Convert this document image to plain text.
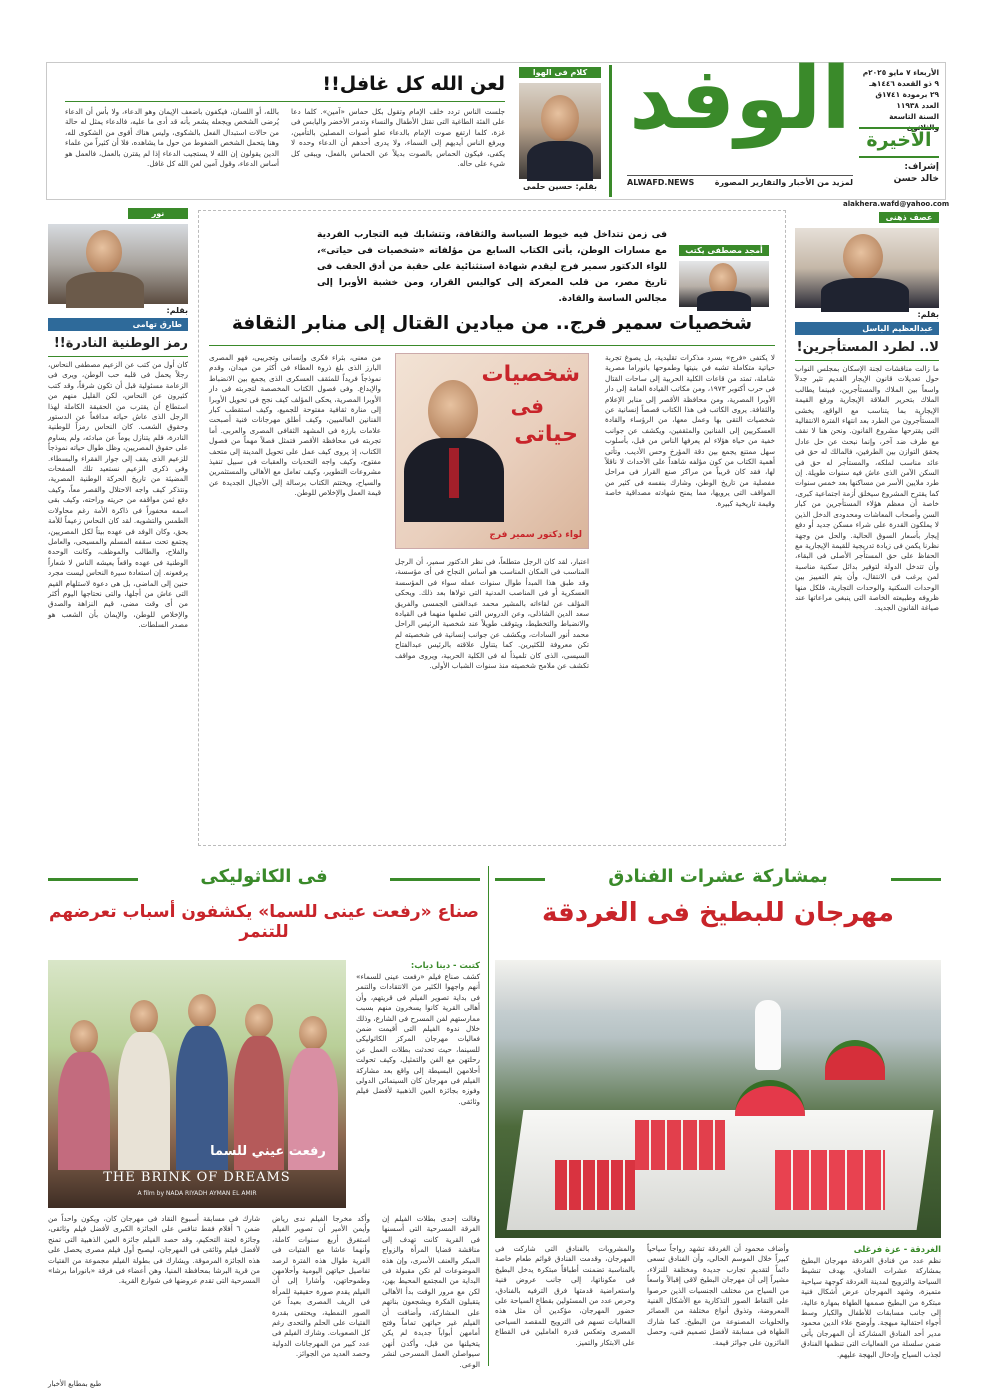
الأربعاء ٧ مايو ٢٠٢٥م
٩ ذو القعدة ١٤٤٦هـ
٢٩ برمودة ١٧٤١ق
العدد ١١٩٣٨
السنة التاسعة
الأخيرة
إشراف:
خالد حسن
الوفد
لمزيد من الأخبار والتقارير المصورة
ALWAFD.NEWS
كلام فى الهوا
بقلم: حسين حلمى
لعن الله كل غافل!!
جلست الناس تردد خلف الإمام وتقول بكل حماس «آمين». كلما دعا على الفئة الطاغية التى تقتل الأطفال والنساء وتدمر الأخضر واليابس فى غزة، كلما ارتفع صوت الإمام بالدعاء تعلو أصوات المصلين بالتأمين، ويرفع الناس أيديهم إلى السماء، ولا يدرى أحدهم أن الدعاء وحده لا يكفى، فيكون الحماس بالصوت بديلاً عن الحماس بالفعل، ويبقى كل شيء على حاله.
بالله، أو اللسان، فيكفون باضعف الإيمان وهو الدعاء، ولا بأس أن الدعاء يُرضى الشخص ويجعله يشعر بأنه قد أدى ما عليه، فالدعاء يمثل له حالة من حالات استبدال الفعل بالشكوى، وليس هناك أقوى من الشكوى لله، وهنا يتحمل الشخص الضغوط من حول ما يشاهده، فلا أن كثيراً من علماء الدين يقولون إن الله لا يستجيب الدعاء إذا لم يقترن بالعمل، فالعمل هو أساس الدعاء، وقول آمين لعن الله كل غافل.
alakhera.wafd@yahoo.com
عصف ذهنى
بقلم:
عبدالعظيم الباسل
لا.. لطرد المستأجرين!
ما زالت مناقشات لجنة الإسكان بمجلس النواب حول تعديلات قانون الإيجار القديم تثير جدلاً واسعاً بين الملاك والمستأجرين، فبينما يطالب الملاك بتحرير العلاقة الإيجارية ورفع القيمة الإيجارية بما يتناسب مع الواقع، يخشى المستأجرون من الطرد بعد انتهاء الفترة الانتقالية التى يقترحها مشروع القانون. ونحن هنا لا نقف مع طرف ضد آخر، وإنما نبحث عن حل عادل يحقق التوازن بين الطرفين، فالمالك له حق فى عائد مناسب لملكه، والمستأجر له حق فى السكن الآمن الذى عاش فيه سنوات طويلة. إن طرد ملايين الأسر من مساكنها بعد خمس سنوات كما يقترح المشروع سيخلق أزمة اجتماعية كبرى، خاصة أن معظم هؤلاء المستأجرين من كبار السن وأصحاب المعاشات ومحدودى الدخل الذين لا يملكون القدرة على شراء مسكن جديد أو دفع إيجار بأسعار السوق الحالية. والحل من وجهة نظرنا يكمن فى زيادة تدريجية للقيمة الإيجارية مع الحفاظ على حق المستأجر الأصلى فى البقاء، وأن تتدخل الدولة لتوفير بدائل سكنية مناسبة لمن يرغب فى الانتقال، وأن يتم التمييز بين الوحدات السكنية والوحدات التجارية، فلكل منها ظروفه وطبيعته الخاصة التى ينبغى مراعاتها عند صياغة القانون الجديد.
نور
بقلم:
طارق تهامى
رمز الوطنية النادرة!!
كان أول من كتب عن الزعيم مصطفى النحاس، رجلاً يحمل فى قلبه حب الوطن، ويرى فى الزعامة مسئولية قبل أن تكون شرفاً، وقد كتب كثيرون عن النحاس، لكن القليل منهم من استطاع أن يقترب من الحقيقة الكاملة لهذا الرجل الذى عاش حياته مدافعاً عن الدستور وحقوق الشعب. كان النحاس رمزاً للوطنية النادرة، فلم يتنازل يوماً عن مبادئه، ولم يساوم على حقوق المصريين، وظل طوال حياته نموذجاً للزعيم الذى يقف إلى جوار الفقراء والبسطاء. وفى ذكرى الزعيم نستعيد تلك الصفحات المضيئة من تاريخ الحركة الوطنية المصرية، ونتذكر كيف واجه الاحتلال والقصر معاً، وكيف دفع ثمن مواقفه من حريته وراحته، وكيف بقى اسمه محفوراً فى ذاكرة الأمة رغم محاولات الطمس والتشويه. لقد كان النحاس زعيماً للأمة بحق، وكان الوفد فى عهده بيتاً لكل المصريين، يجتمع تحت سقفه المسلم والمسيحى، والعامل والفلاح، والطالب والموظف، وكانت الوحدة الوطنية فى عهده واقعاً يعيشه الناس لا شعاراً يرفعونه. إن استعادة سيرة النحاس ليست مجرد حنين إلى الماضى، بل هى دعوة لاستلهام القيم التى عاش من أجلها، والتى نحتاجها اليوم أكثر من أى وقت مضى، قيم النزاهة والصدق والإخلاص للوطن، والإيمان بأن الشعب هو مصدر السلطات.
فى زمن تتداخل فيه خيوط السياسة والثقافة، وتتشابك فيه التجارب الفردية مع مسارات الوطن، يأتى الكتاب السابع من مؤلفاته «شخصيات فى حياتى»، للواء الدكتور سمير فرج ليقدم شهادة استثنائية على حقبة من أدق الحقب فى تاريخ مصر، من قلب المعركة إلى كواليس القرار، ومن خشبة الأوبرا إلى مجالس الساسة والقادة.
أمجد مصطفى يكتب
شخصيات سمير فرج.. من ميادين القتال إلى منابر الثقافة
لا يكتفى «فرج» بسرد مذكرات تقليدية، بل يصوغ تجربة حياتية متكاملة تشبه في بنيتها وطموحها بانوراما مصرية شاملة، تمتد من قاعات الكلية الحربية إلى ساحات القتال فى حرب أكتوبر ١٩٧٣، ومن مكاتب القيادة العامة إلى دار الأوبرا المصرية، ومن محافظة الأقصر إلى منابر الإعلام والثقافة. يروى الكاتب فى هذا الكتاب قصصاً إنسانية عن شخصيات التقى بها وعمل معها، من الرؤساء والقادة العسكريين إلى الفنانين والمثقفين، ويكشف عن جوانب خفية من حياة هؤلاء لم يعرفها الناس من قبل، بأسلوب سهل ممتنع يجمع بين دقة المؤرخ وحس الأديب. وتأتى أهمية الكتاب من كون مؤلفه شاهداً على الأحداث لا ناقلاً لها، فقد كان قريباً من مراكز صنع القرار فى مراحل مفصلية من تاريخ الوطن، وشارك بنفسه فى كثير من المواقف التى يرويها، مما يمنح شهادته مصداقية خاصة وقيمة تاريخية كبيرة.
شخصيات
فى
حياتى
لواء دكتور سمير فرج
اعتبار، لقد كان الرجل متطلعاً، فى نظر الدكتور سمير، أن الرجل المناسب فى المكان المناسب هو أساس النجاح فى أى مؤسسة، وقد طبق هذا المبدأ طوال سنوات عمله سواء فى المؤسسة العسكرية أو فى المناصب المدنية التى تولاها بعد ذلك. ويحكى المؤلف عن لقاءاته بالمشير محمد عبدالغنى الجمسى والفريق سعد الدين الشاذلى، وعن الدروس التى تعلمها منهما فى القيادة والانضباط والتخطيط، ويتوقف طويلاً عند شخصية الرئيس الراحل محمد أنور السادات، ويكشف عن جوانب إنسانية فى شخصيته لم تكن معروفة للكثيرين. كما يتناول علاقته بالرئيس عبدالفتاح السيسى، الذى كان تلميذاً له فى الكلية الحربية، ويروى مواقف تكشف عن ملامح شخصيته منذ سنوات الشباب الأولى.
من معنى، بثراء فكرى وإنسانى وتجريبى، فهو المصرى البارز الذى بلغ ذروة العطاء فى أكثر من ميدان، وقدم نموذجاً فريداً للمثقف العسكرى الذى يجمع بين الانضباط والإبداع. وفى فصول الكتاب المخصصة لتجربته فى دار الأوبرا المصرية، يحكى المؤلف كيف نجح فى تحويل الأوبرا إلى منارة ثقافية مفتوحة للجميع، وكيف استقطب كبار الفنانين العالميين، وكيف أطلق مهرجانات فنية أصبحت علامات بارزة فى المشهد الثقافى المصرى والعربى. أما تجربته فى محافظة الأقصر فتمثل فصلاً مهماً من فصول الكتاب، إذ يروى كيف عمل على تحويل المدينة إلى متحف مفتوح، وكيف واجه التحديات والعقبات فى سبيل تنفيذ مشروعات التطوير، وكيف تعامل مع الأهالى والمستثمرين والسياح، ويختتم الكتاب برسالة إلى الأجيال الجديدة عن قيمة العمل والإخلاص للوطن.
بمشاركة عشرات الفنادق
مهرجان للبطيخ فى الغردقة
الغردقة - عزة فرغلى
نظم عدد من فنادق الغردقة مهرجان البطيخ بمشاركة عشرات الفنادق، بهدف تنشيط السياحة والترويج لمدينة الغردقة كوجهة سياحية متميزة، وشهد المهرجان عرض أشكال فنية مبتكرة من البطيخ صممها الطهاة بمهارة عالية، إلى جانب مسابقات للأطفال والكبار وسط أجواء احتفالية مبهجة. وأوضح علاء الدين محمود مدير أحد الفنادق المشاركة أن المهرجان يأتى ضمن سلسلة من الفعاليات التى تنظمها الفنادق لجذب السياح وإدخال البهجة عليهم.
وأضاف محمود أن الغردقة تشهد رواجاً سياحياً كبيراً خلال الموسم الحالى، وأن الفنادق تسعى دائماً لتقديم تجارب جديدة ومختلفة للنزلاء، مشيراً إلى أن مهرجان البطيخ لاقى إقبالاً واسعاً من السياح من مختلف الجنسيات الذين حرصوا على التقاط الصور التذكارية مع الأشكال الفنية المعروضة، وتذوق أنواع مختلفة من العصائر والحلويات المصنوعة من البطيخ. كما شارك الطهاة فى مسابقة لأفضل تصميم فنى، وحصل الفائزون على جوائز قيمة.
والمشروبات بالفنادق التى شاركت فى المهرجان، وقدمت الفنادق قوائم طعام خاصة بالمناسبة تضمنت أطباقاً مبتكرة يدخل البطيخ فى مكوناتها، إلى جانب عروض فنية واستعراضية قدمتها فرق الترفيه بالفنادق، وحرص عدد من المسئولين بقطاع السياحة على حضور المهرجان، مؤكدين أن مثل هذه الفعاليات تسهم فى الترويج للمقصد السياحى المصرى وتعكس قدرة العاملين فى القطاع على الابتكار والتميز.
فى الكاثوليكى
صناع «رفعت عينى للسما» يكشفون أسباب تعرضهم للتنمر
رفعت عيني للسما
THE BRINK OF DREAMS
A film by NADA RIYADH AYMAN EL AMIR
كتبت - دينا دياب:
كشف صناع فيلم «رفعت عينى للسماء» أنهم واجهوا الكثير من الانتقادات والتنمر فى بداية تصوير الفيلم فى قريتهم، وأن أهالى القرية كانوا يسخرون منهم بسبب ممارستهم لفن المسرح فى الشارع، وذلك خلال ندوة الفيلم التى أقيمت ضمن فعاليات مهرجان المركز الكاثوليكى للسينما، حيث تحدثت بطلات العمل عن رحلتهن مع الفن والتمثيل، وكيف تحولت أحلامهن البسيطة إلى واقع بعد مشاركة الفيلم فى مهرجان كان السينمائى الدولى وفوزه بجائزة العين الذهبية لأفضل فيلم وثائقى.
وقالت إحدى بطلات الفيلم إن الفرقة المسرحية التى أسسنها فى القرية كانت تهدف إلى مناقشة قضايا المرأة والزواج المبكر والعنف الأسرى، وإن هذه الموضوعات لم تكن مقبولة فى البداية من المجتمع المحيط بهن، لكن مع مرور الوقت بدأ الأهالى يتقبلون الفكرة ويشجعون بناتهم على المشاركة، وأضافت أن الفيلم غير حياتهن تماماً وفتح أمامهن أبواباً جديدة لم يكن يتخيلنها من قبل، وأكدن أنهن سيواصلن العمل المسرحى لنشر الوعى.
وأكد مخرجا الفيلم ندى رياض وأيمن الأمير أن تصوير الفيلم استغرق أربع سنوات كاملة، وأنهما عاشا مع الفتيات فى القرية طوال هذه الفترة لرصد تفاصيل حياتهن اليومية وأحلامهن وطموحاتهن، وأشارا إلى أن الفيلم يقدم صورة حقيقية للمرأة فى الريف المصرى بعيداً عن الصور النمطية، ويحتفى بقدرة الفتيات على الحلم والتحدى رغم كل الصعوبات. وشارك الفيلم فى عدد كبير من المهرجانات الدولية وحصد العديد من الجوائز.
شارك فى مسابقة أسبوع النقاد فى مهرجان كان، ويكون واحداً من ضمن ٦ أفلام فقط تنافس على الجائزة الكبرى لأفضل فيلم وثائقى، وجائزة لجنة التحكيم، وقد حصد الفيلم جائزة العين الذهبية التى تمنح لأفضل فيلم وثائقى فى المهرجان، ليصبح أول فيلم مصرى يحصل على هذه الجائزة المرموقة. ويشارك فى بطولة الفيلم مجموعة من الفتيات من قرية البرشا بمحافظة المنيا، وهن أعضاء فى فرقة «بانوراما برشا» المسرحية التى تقدم عروضها فى شوارع القرية.
طبع بمطابع الأخبار
